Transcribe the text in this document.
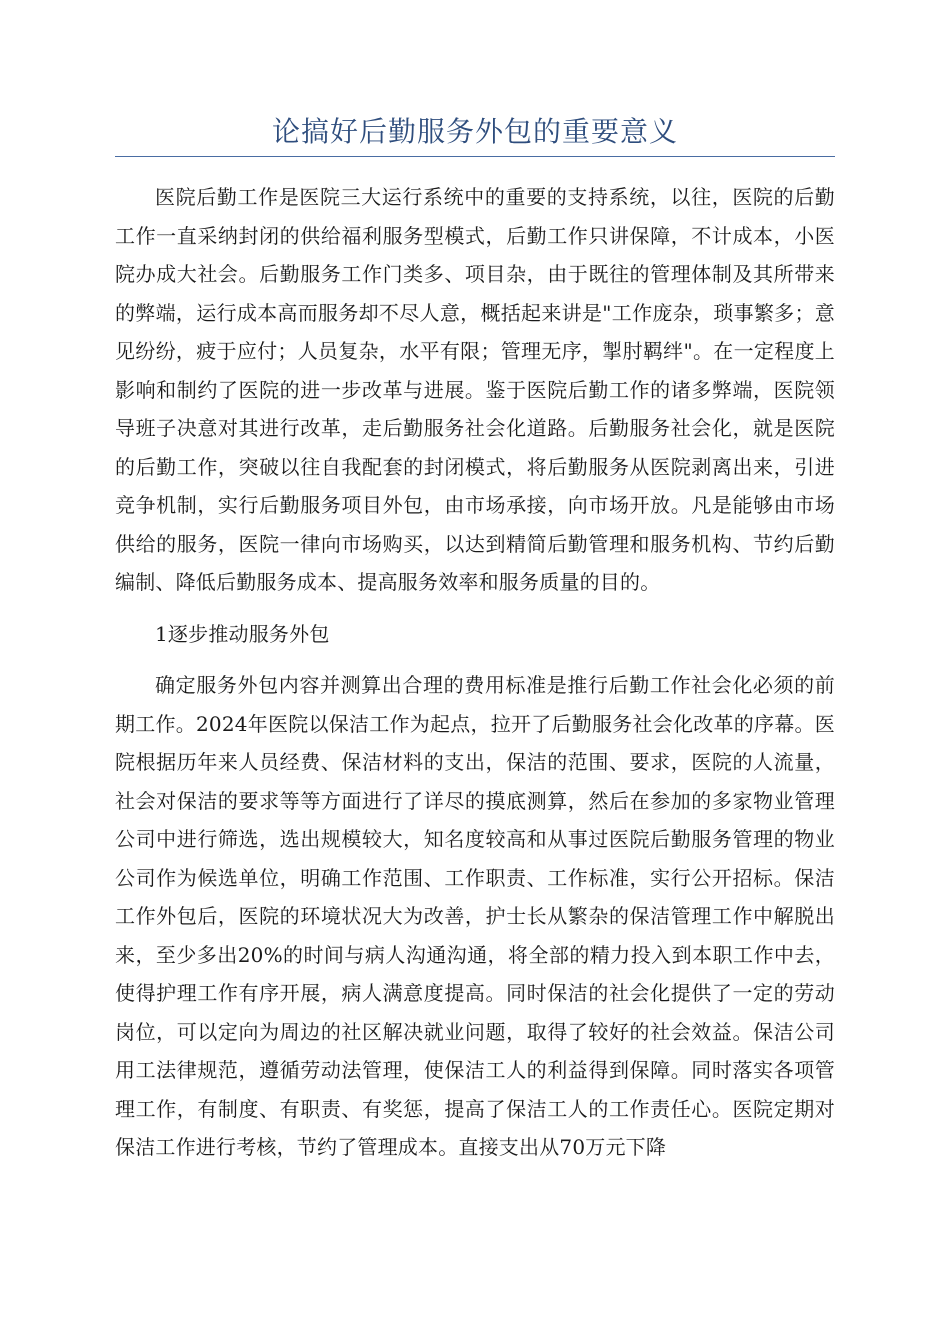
论搞好后勤服务外包的重要意义

医院后勤工作是医院三大运行系统中的重要的支持系统，以往，医院的后勤工作一直采纳封闭的供给福利服务型模式，后勤工作只讲保障，不计成本，小医院办成大社会。后勤服务工作门类多、项目杂，由于既往的管理体制及其所带来的弊端，运行成本高而服务却不尽人意，概括起来讲是"工作庞杂，琐事繁多；意见纷纷，疲于应付；人员复杂，水平有限；管理无序，掣肘羁绊"。在一定程度上影响和制约了医院的进一步改革与进展。鉴于医院后勤工作的诸多弊端，医院领导班子决意对其进行改革，走后勤服务社会化道路。后勤服务社会化，就是医院的后勤工作，突破以往自我配套的封闭模式，将后勤服务从医院剥离出来，引进竞争机制，实行后勤服务项目外包，由市场承接，向市场开放。凡是能够由市场供给的服务，医院一律向市场购买，以达到精简后勤管理和服务机构、节约后勤编制、降低后勤服务成本、提高服务效率和服务质量的目的。

1逐步推动服务外包

确定服务外包内容并测算出合理的费用标准是推行后勤工作社会化必须的前期工作。2024年医院以保洁工作为起点，拉开了后勤服务社会化改革的序幕。医院根据历年来人员经费、保洁材料的支出，保洁的范围、要求，医院的人流量，社会对保洁的要求等等方面进行了详尽的摸底测算，然后在参加的多家物业管理公司中进行筛选，选出规模较大，知名度较高和从事过医院后勤服务管理的物业公司作为候选单位，明确工作范围、工作职责、工作标准，实行公开招标。保洁工作外包后，医院的环境状况大为改善，护士长从繁杂的保洁管理工作中解脱出来，至少多出20%的时间与病人沟通沟通，将全部的精力投入到本职工作中去，使得护理工作有序开展，病人满意度提高。同时保洁的社会化提供了一定的劳动岗位，可以定向为周边的社区解决就业问题，取得了较好的社会效益。保洁公司用工法律规范，遵循劳动法管理，使保洁工人的利益得到保障。同时落实各项管理工作，有制度、有职责、有奖惩，提高了保洁工人的工作责任心。医院定期对保洁工作进行考核，节约了管理成本。直接支出从70万元下降
